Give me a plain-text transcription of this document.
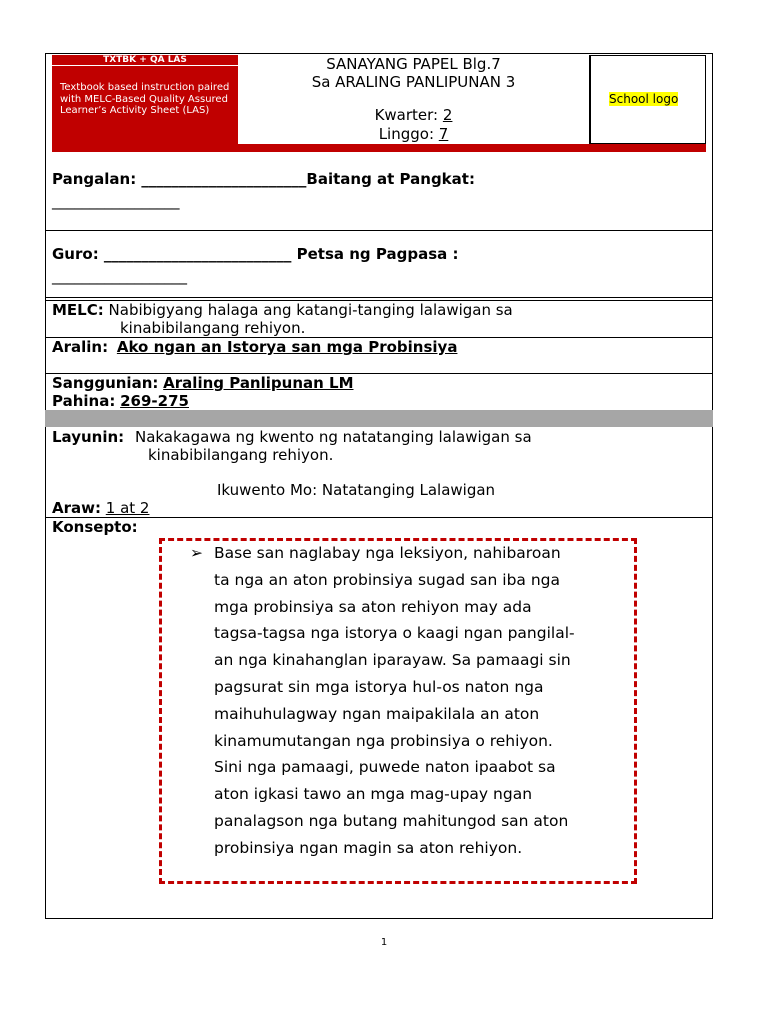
TXTBK + QA LAS
Textbook based instruction paired with MELC-Based Quality Assured Learner’s Activity Sheet (LAS)
SANAYANG PAPEL Blg.7
Sa ARALING PANLIPUNAN 3
Kwarter: 2
Linggo: 7
School logo
Pangalan: ______________________Baitang at Pangkat:
_________________
Guro: _________________________ Petsa ng Pagpasa :
__________________
MELC: Nabibigyang halaga ang katangi-tanging lalawigan sa
kinabibilangang rehiyon.
Aralin: Ako ngan an Istorya san mga Probinsiya
Sanggunian: Araling Panlipunan LM
Pahina: 269-275
Layunin: Nakakagawa ng kwento ng natatanging lalawigan sa
kinabibilangang rehiyon.
Ikuwento Mo: Natatanging Lalawigan
Araw: 1 at 2
Konsepto:
➢ Base san naglabay nga leksiyon, nahibaroan
ta nga an aton probinsiya sugad san iba nga
mga probinsiya sa aton rehiyon may ada
tagsa-tagsa nga istorya o kaagi ngan pangilal-
an nga kinahanglan iparayaw. Sa pamaagi sin
pagsurat sin mga istorya hul-os naton nga
maihuhulagway ngan maipakilala an aton
kinamumutangan nga probinsiya o rehiyon.
Sini nga pamaagi, puwede naton ipaabot sa
aton igkasi tawo an mga mag-upay ngan
panalagson nga butang mahitungod san aton
probinsiya ngan magin sa aton rehiyon.
1
